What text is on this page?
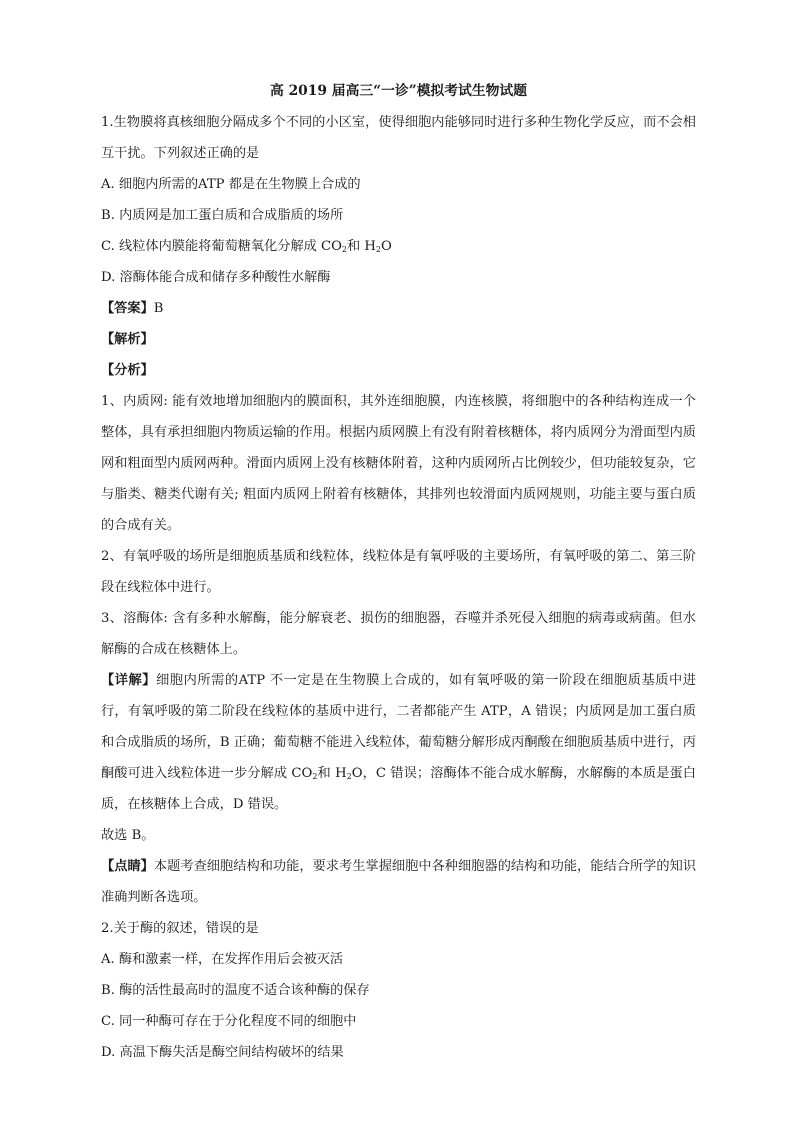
高 2019 届高三“一诊”模拟考试生物试题
1.生物膜将真核细胞分隔成多个不同的小区室，使得细胞内能够同时进行多种生物化学反应，而不会相互干扰。下列叙述正确的是
A. 细胞内所需的ATP 都是在生物膜上合成的
B. 内质网是加工蛋白质和合成脂质的场所
C. 线粒体内膜能将葡萄糖氧化分解成 $CO_2$和 $H_2O$
D. 溶酶体能合成和储存多种酸性水解酶
【答案】B
【解析】
【分析】
1、内质网: 能有效地增加细胞内的膜面积，其外连细胞膜，内连核膜，将细胞中的各种结构连成一个整体，具有承担细胞内物质运输的作用。根据内质网膜上有没有附着核糖体，将内质网分为滑面型内质网和粗面型内质网两种。滑面内质网上没有核糖体附着，这种内质网所占比例较少，但功能较复杂，它与脂类、糖类代谢有关; 粗面内质网上附着有核糖体，其排列也较滑面内质网规则，功能主要与蛋白质的合成有关。
2、有氧呼吸的场所是细胞质基质和线粒体，线粒体是有氧呼吸的主要场所，有氧呼吸的第二、第三阶段在线粒体中进行。
3、溶酶体: 含有多种水解酶，能分解衰老、损伤的细胞器，吞噬并杀死侵入细胞的病毒或病菌。但水解酶的合成在核糖体上。
【详解】细胞内所需的ATP 不一定是在生物膜上合成的，如有氧呼吸的第一阶段在细胞质基质中进行，有氧呼吸的第二阶段在线粒体的基质中进行，二者都能产生 ATP，A 错误；内质网是加工蛋白质和合成脂质的场所，B 正确；葡萄糖不能进入线粒体，葡萄糖分解形成丙酮酸在细胞质基质中进行，丙酮酸可进入线粒体进一步分解成 $CO_2$和 $H_2O$，C 错误；溶酶体不能合成水解酶，水解酶的本质是蛋白质，在核糖体上合成，D 错误。
故选 B。
【点睛】本题考查细胞结构和功能，要求考生掌握细胞中各种细胞器的结构和功能，能结合所学的知识准确判断各选项。
2.关于酶的叙述，错误的是
A. 酶和激素一样，在发挥作用后会被灭活
B. 酶的活性最高时的温度不适合该种酶的保存
C. 同一种酶可存在于分化程度不同的细胞中
D. 高温下酶失活是酶空间结构破坏的结果
